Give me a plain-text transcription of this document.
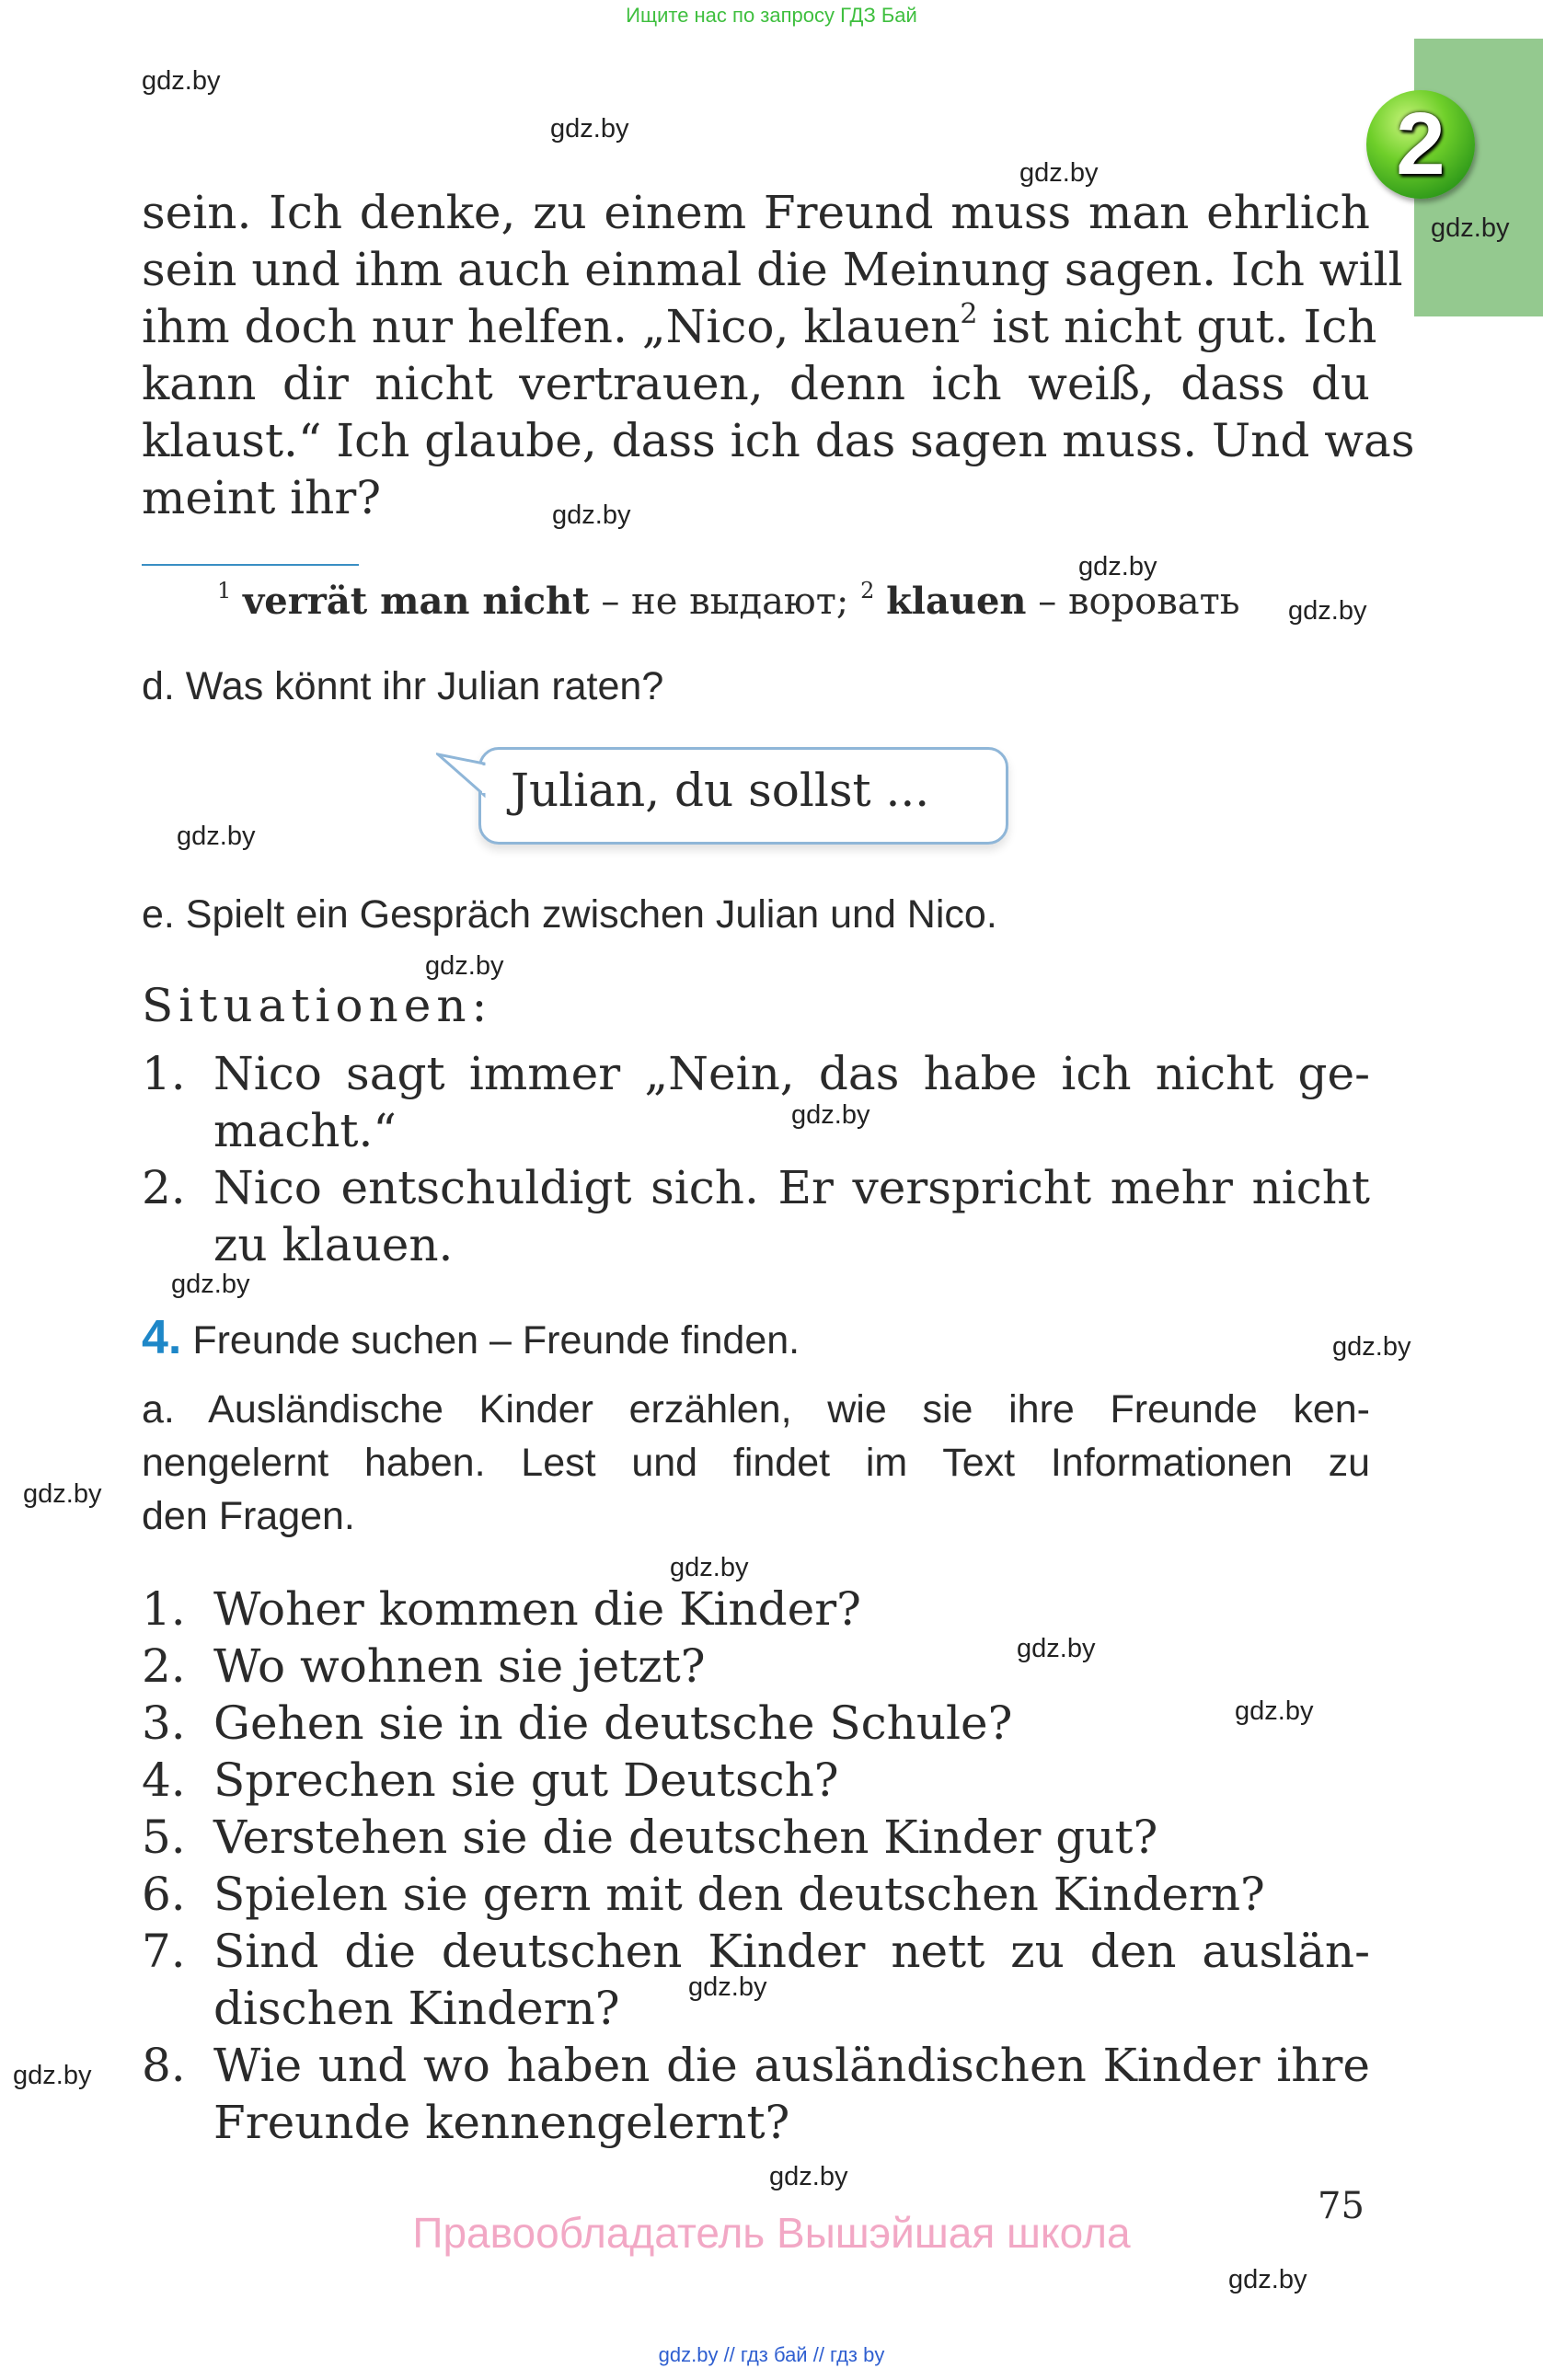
Ищите нас по запросу ГДЗ Бай
2
gdz.by
gdz.by
gdz.by
gdz.by
gdz.by
gdz.by
gdz.by
gdz.by
gdz.by
gdz.by
gdz.by
gdz.by
gdz.by
gdz.by
gdz.by
gdz.by
gdz.by
gdz.by
gdz.by
gdz.by
sein. Ich denke, zu einem Freund muss man ehrlich
sein und ihm auch einmal die Meinung sagen. Ich will
ihm doch nur helfen. „Nico, klauen$^2$ ist nicht gut. Ich
kann dir nicht vertrauen, denn ich weiß, dass du
klaust.“ Ich glaube, dass ich das sagen muss. Und was
meint ihr?
$^1$ verrät man nicht – не выдают; $^2$ klauen – воровать
d. Was könnt ihr Julian raten?
Julian, du sollst ...
e. Spielt ein Gespräch zwischen Julian und Nico.
Situationen:
1. Nico sagt immer „Nein, das habe ich nicht ge-
macht.“
2. Nico entschuldigt sich. Er verspricht mehr nicht
zu klauen.
4. Freunde suchen – Freunde finden.
a. Ausländische Kinder erzählen, wie sie ihre Freunde ken-
nengelernt haben. Lest und findet im Text Informationen zu
den Fragen.
1. Woher kommen die Kinder?
2. Wo wohnen sie jetzt?
3. Gehen sie in die deutsche Schule?
4. Sprechen sie gut Deutsch?
5. Verstehen sie die deutschen Kinder gut?
6. Spielen sie gern mit den deutschen Kindern?
7. Sind die deutschen Kinder nett zu den auslän-
dischen Kindern?
8. Wie und wo haben die ausländischen Kinder ihre
Freunde kennengelernt?
75
Правообладатель Вышэйшая школа
gdz.by // гдз бай // гдз by
